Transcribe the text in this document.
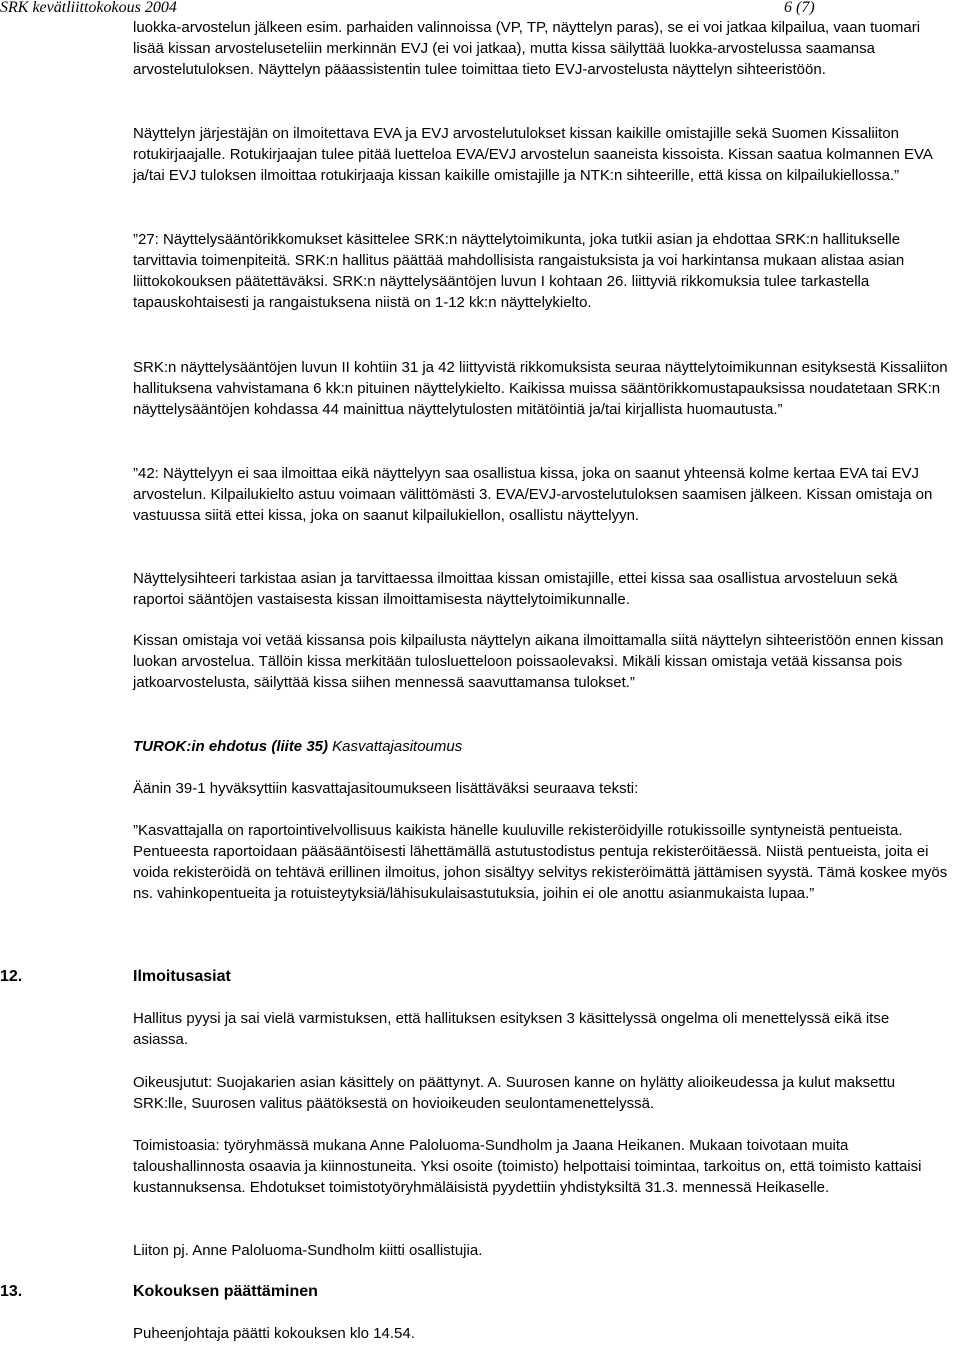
SRK kevätliittokokous 2004	6 (7)

luokka-arvostelun jälkeen esim. parhaiden valinnoissa (VP, TP, näyttelyn paras), se ei voi jatkaa kilpailua, vaan tuomari lisää kissan arvosteluseteliin merkinnän EVJ (ei voi jatkaa), mutta kissa säilyttää luokka-arvostelussa saamansa arvostelutuloksen. Näyttelyn pääassistentin tulee toimittaa tieto EVJ-arvostelusta näyttelyn sihteeristöön.

Näyttelyn järjestäjän on ilmoitettava EVA ja EVJ arvostelutulokset kissan kaikille omistajille sekä Suomen Kissaliiton rotukirjaajalle. Rotukirjaajan tulee pitää luetteloa EVA/EVJ arvostelun saaneista kissoista. Kissan saatua kolmannen EVA ja/tai EVJ tuloksen ilmoittaa rotukirjaaja kissan kaikille omistajille ja NTK:n sihteerille, että kissa on kilpailukiellossa.”

”27: Näyttelysääntörikkomukset käsittelee SRK:n näyttelytoimikunta, joka tutkii asian ja ehdottaa SRK:n hallitukselle tarvittavia toimenpiteitä. SRK:n hallitus päättää mahdollisista rangaistuksista ja voi harkintansa mukaan alistaa asian liittokokouksen päätettäväksi. SRK:n näyttelysääntöjen luvun I kohtaan 26. liittyviä rikkomuksia tulee tarkastella tapauskohtaisesti ja rangaistuksena niistä on 1-12 kk:n näyttelykielto.

SRK:n näyttelysääntöjen luvun II kohtiin 31 ja 42 liittyvistä rikkomuksista seuraa näyttelytoimikunnan esityksestä Kissaliiton hallituksena vahvistamana 6 kk:n pituinen näyttelykielto. Kaikissa muissa sääntörikkomustapauksissa noudatetaan SRK:n näyttelysääntöjen kohdassa 44 mainittua näyttelytulosten mitätöintiä ja/tai kirjallista huomautusta.”

”42: Näyttelyyn ei saa ilmoittaa eikä näyttelyyn saa osallistua kissa, joka on saanut yhteensä kolme kertaa EVA tai EVJ arvostelun. Kilpailukielto astuu voimaan välittömästi 3. EVA/EVJ-arvostelutuloksen saamisen jälkeen. Kissan omistaja on vastuussa siitä ettei kissa, joka on saanut kilpailukiellon, osallistu näyttelyyn.

Näyttelysihteeri tarkistaa asian ja tarvittaessa ilmoittaa kissan omistajille, ettei kissa saa osallistua arvosteluun sekä raportoi sääntöjen vastaisesta kissan ilmoittamisesta näyttelytoimikunnalle.

Kissan omistaja voi vetää kissansa pois kilpailusta näyttelyn aikana ilmoittamalla siitä näyttelyn sihteeristöön ennen kissan luokan arvostelua. Tällöin kissa merkitään tulosluetteloon poissaolevaksi. Mikäli kissan omistaja vetää kissansa pois jatkoarvostelusta, säilyttää kissa siihen mennessä saavuttamansa tulokset.”

TUROK:in ehdotus (liite 35) Kasvattajasitoumus

Äänin 39-1 hyväksyttiin kasvattajasitoumukseen lisättäväksi seuraava teksti:

”Kasvattajalla on raportointivelvollisuus kaikista hänelle kuuluville rekisteröidyille rotukissoille syntyneistä pentueista. Pentueesta raportoidaan pääsääntöisesti lähettämällä astutustodistus pentuja rekisteröitäessä. Niistä pentueista, joita ei voida rekisteröidä on tehtävä erillinen ilmoitus, johon sisältyy selvitys rekisteröimättä jättämisen syystä. Tämä koskee myös ns. vahinkopentueita ja rotuisteytyksiä/lähisukulaisastutuksia, joihin ei ole anottu asianmukaista lupaa.”

12.	Ilmoitusasiat

Hallitus pyysi ja sai vielä varmistuksen, että hallituksen esityksen 3 käsittelyssä ongelma oli menettelyssä eikä itse asiassa.

Oikeusjutut: Suojakarien asian käsittely on päättynyt. A. Suurosen kanne on hylätty alioikeudessa ja kulut maksettu SRK:lle, Suurosen valitus päätöksestä on hovioikeuden seulontamenettelyssä.

Toimistoasia: työryhmässä mukana Anne Paloluoma-Sundholm ja Jaana Heikanen. Mukaan toivotaan muita taloushallinnosta osaavia ja kiinnostuneita. Yksi osoite (toimisto) helpottaisi toimintaa, tarkoitus on, että toimisto kattaisi kustannuksensa. Ehdotukset toimistotyöryhmäläisistä pyydettiin yhdistyksiltä 31.3. mennessä Heikaselle.

Liiton pj. Anne Paloluoma-Sundholm kiitti osallistujia.

13.	Kokouksen päättäminen

Puheenjohtaja päätti kokouksen klo 14.54.
